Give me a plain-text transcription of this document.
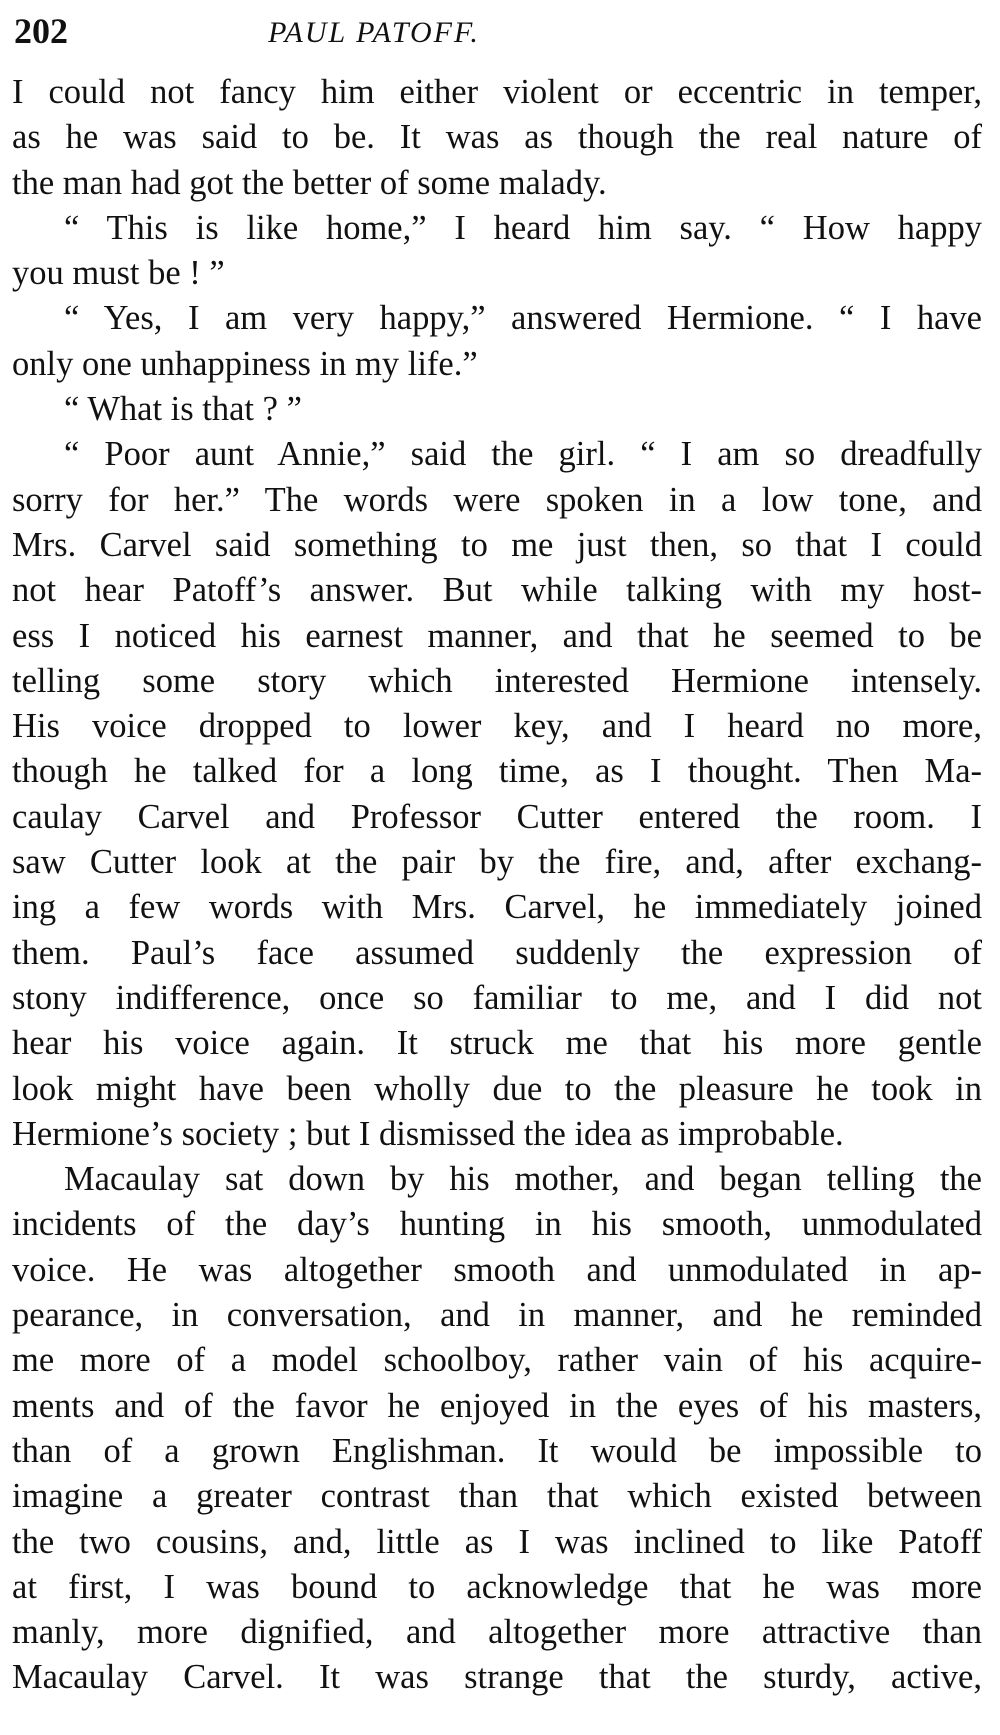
202	PAUL PATOFF.
I could not fancy him either violent or eccentric in temper,
as he was said to be. It was as though the real nature of
the man had got the better of some malady.
“ This is like home,” I heard him say. “ How happy
you must be ! ”
“ Yes, I am very happy,” answered Hermione. “ I have
only one unhappiness in my life.”
“ What is that ? ”
“ Poor aunt Annie,” said the girl. “ I am so dreadfully
sorry for her.” The words were spoken in a low tone, and
Mrs. Carvel said something to me just then, so that I could
not hear Patoff’s answer. But while talking with my host-
ess I noticed his earnest manner, and that he seemed to be
telling some story which interested Hermione intensely.
His voice dropped to lower key, and I heard no more,
though he talked for a long time, as I thought. Then Ma-
caulay Carvel and Professor Cutter entered the room. I
saw Cutter look at the pair by the fire, and, after exchang-
ing a few words with Mrs. Carvel, he immediately joined
them. Paul’s face assumed suddenly the expression of
stony indifference, once so familiar to me, and I did not
hear his voice again. It struck me that his more gentle
look might have been wholly due to the pleasure he took in
Hermione’s society ; but I dismissed the idea as improbable.
Macaulay sat down by his mother, and began telling the
incidents of the day’s hunting in his smooth, unmodulated
voice. He was altogether smooth and unmodulated in ap-
pearance, in conversation, and in manner, and he reminded
me more of a model schoolboy, rather vain of his acquire-
ments and of the favor he enjoyed in the eyes of his masters,
than of a grown Englishman. It would be impossible to
imagine a greater contrast than that which existed between
the two cousins, and, little as I was inclined to like Patoff
at first, I was bound to acknowledge that he was more
manly, more dignified, and altogether more attractive than
Macaulay Carvel. It was strange that the sturdy, active,
